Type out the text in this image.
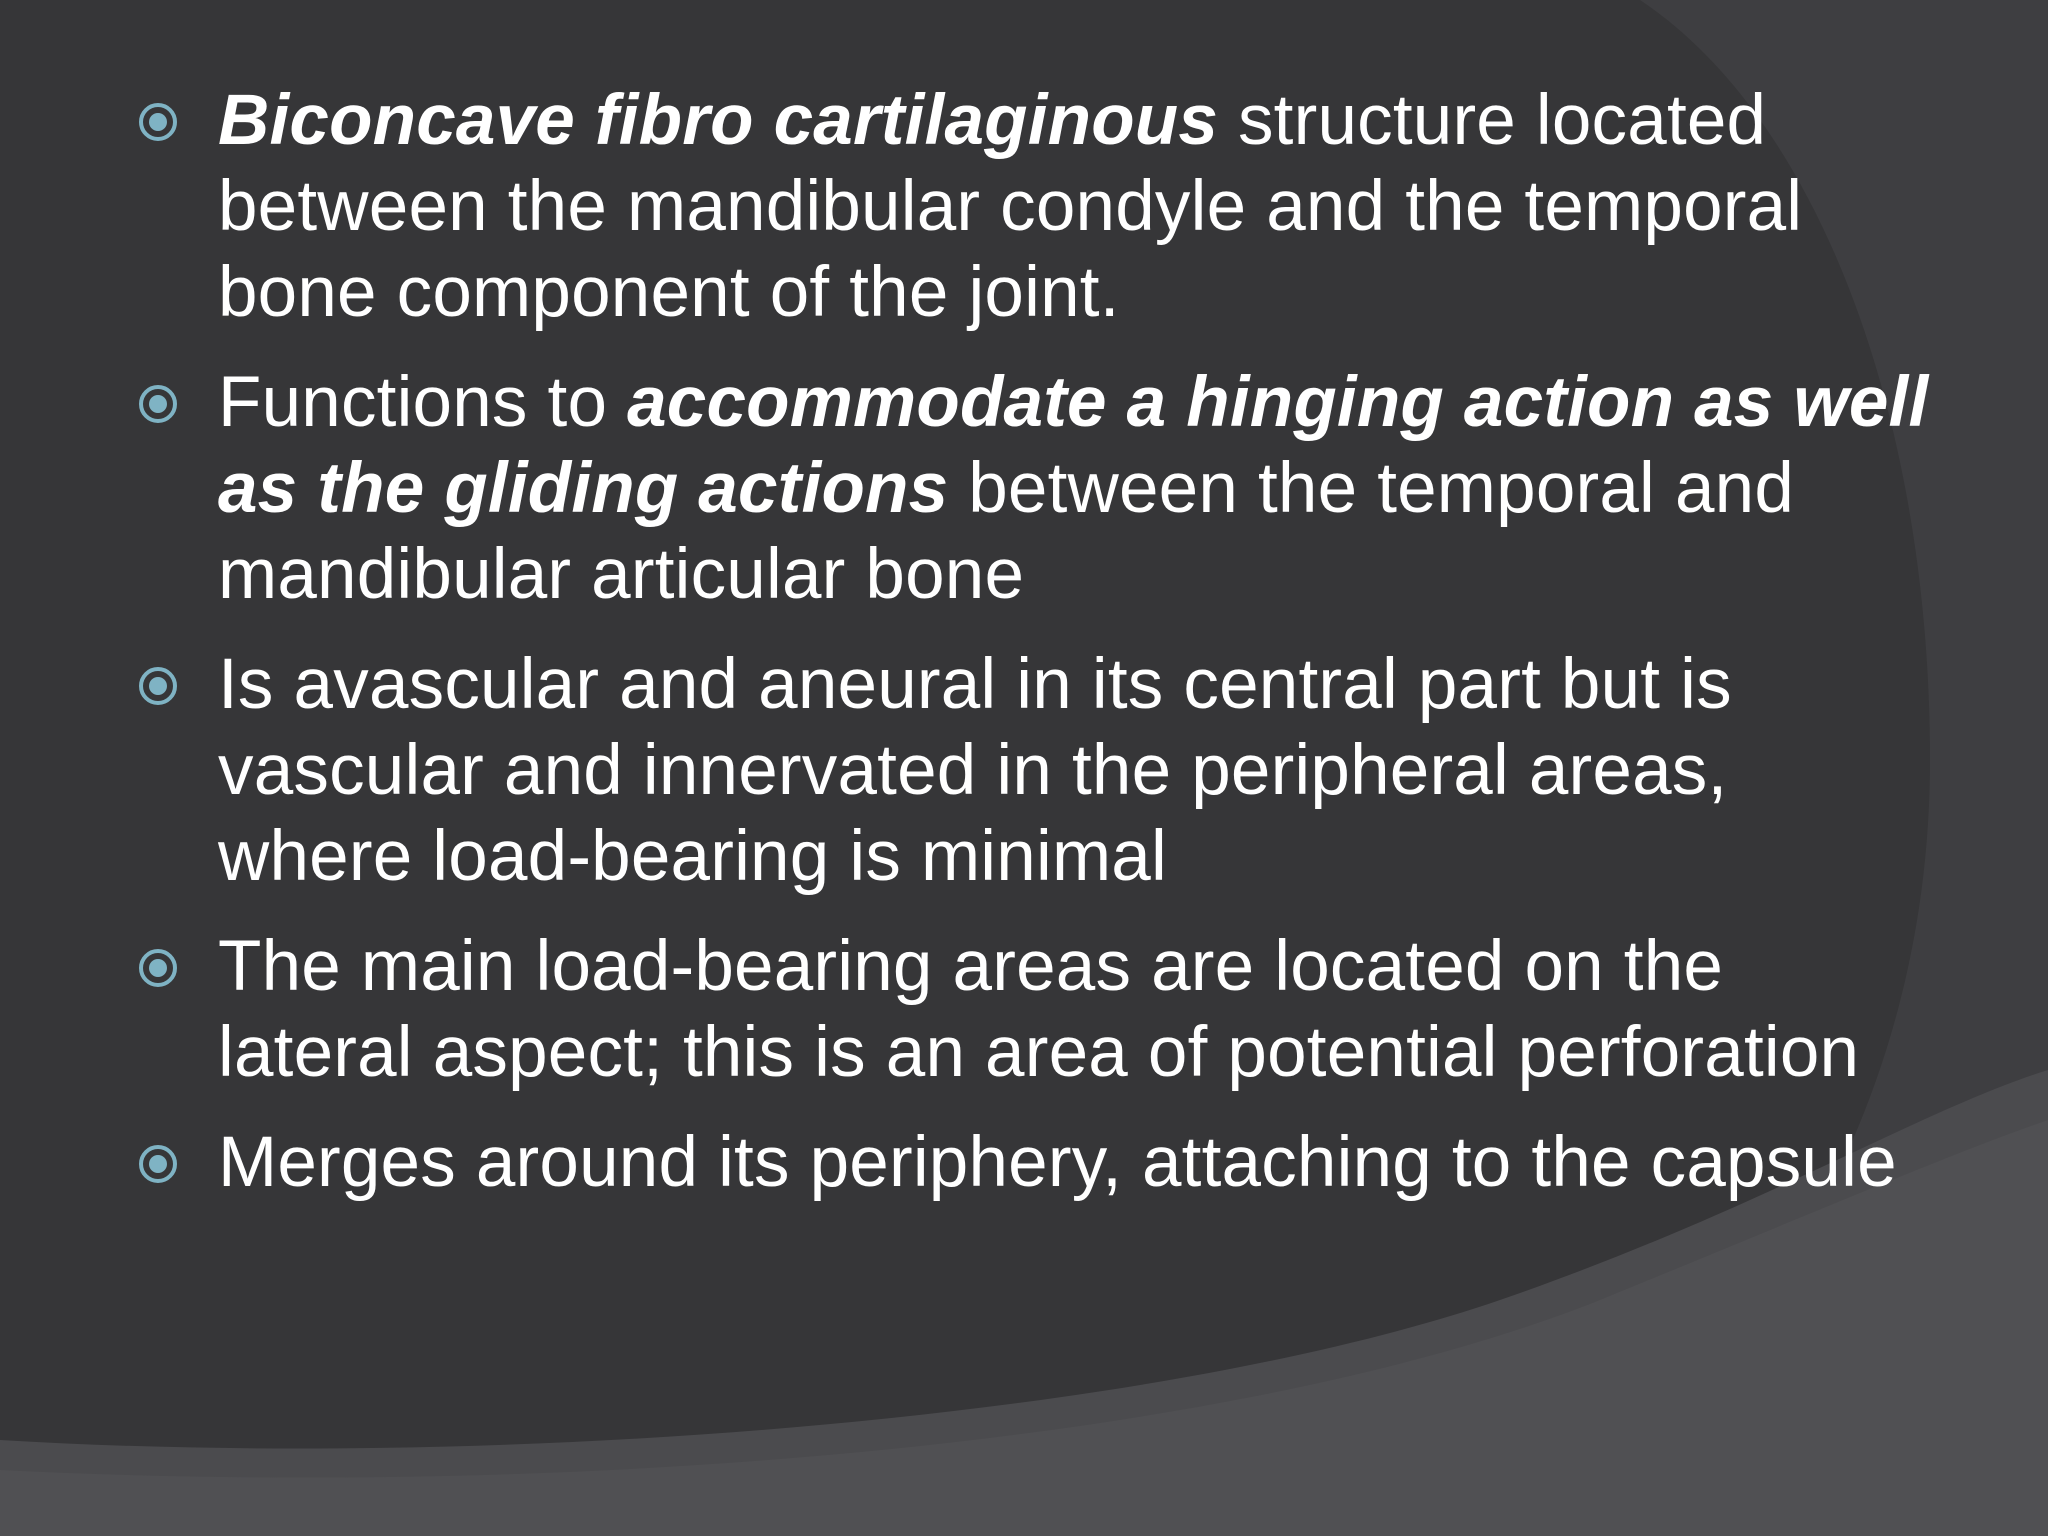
Biconcave fibro cartilaginous structure located between the mandibular condyle and the temporal bone component of the joint.
Functions to accommodate a hinging action as well as the gliding actions between the temporal and mandibular articular bone
Is avascular and aneural in its central part but is vascular and innervated in the peripheral areas, where load-bearing is minimal
The main load-bearing areas are located on the lateral aspect; this is an area of potential perforation
Merges around its periphery, attaching to the capsule
